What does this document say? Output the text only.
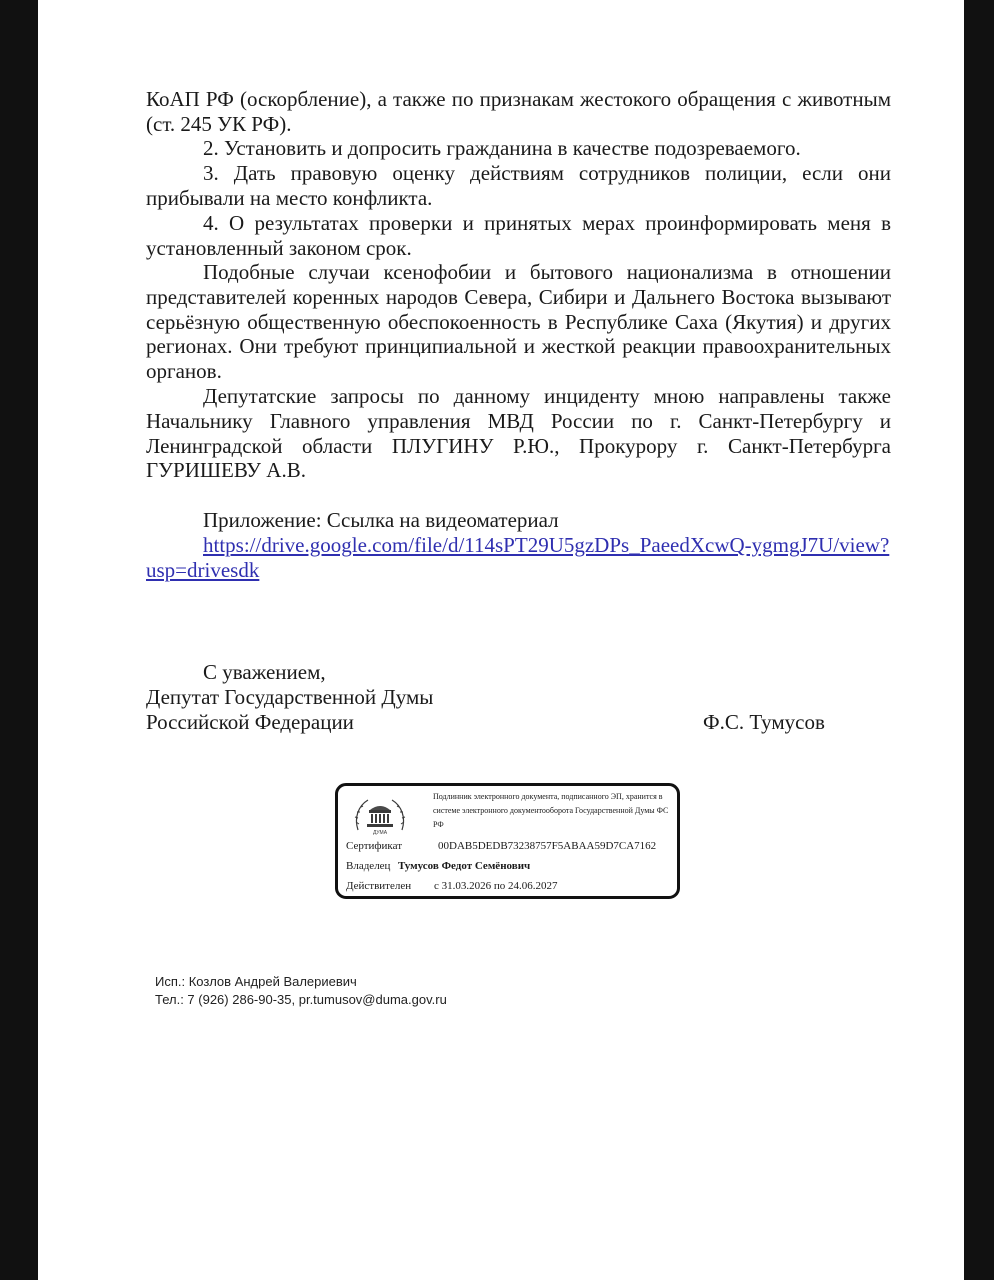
КоАП РФ (оскорбление), а также по признакам жестокого обращения с животным (ст. 245 УК РФ).

2. Установить и допросить гражданина в качестве подозреваемого.

3. Дать правовую оценку действиям сотрудников полиции, если они прибывали на место конфликта.

4. О результатах проверки и принятых мерах проинформировать меня в установленный законом срок.

Подобные случаи ксенофобии и бытового национализма в отношении представителей коренных народов Севера, Сибири и Дальнего Востока вызывают серьёзную общественную обеспокоенность в Республике Саха (Якутия) и других регионах. Они требуют принципиальной и жесткой реакции правоохранительных органов.

Депутатские запросы по данному инциденту мною направлены также Начальнику Главного управления МВД России по г. Санкт-Петербургу и Ленинградской области ПЛУГИНУ Р.Ю., Прокурору г. Санкт-Петербурга ГУРИШЕВУ А.В.

Приложение: Ссылка на видеоматериал

https://drive.google.com/file/d/114sPT29U5gzDPs_PaeedXcwQ-ygmgJ7U/view?usp=drivesdk

С уважением,
Депутат Государственной Думы
Российской Федерации	Ф.С. Тумусов
ДУМА
Подлинник электронного документа, подписанного ЭП, хранится в системе электронного документооборота Государственной Думы ФС РФ
Сертификат	00DAB5DEDB73238757F5ABAA59D7CA7162
Владелец Тумусов Федот Семёнович
Действителен с 31.03.2026 по 24.06.2027
Исп.: Козлов Андрей Валериевич
Тел.: 7 (926) 286-90-35, pr.tumusov@duma.gov.ru
